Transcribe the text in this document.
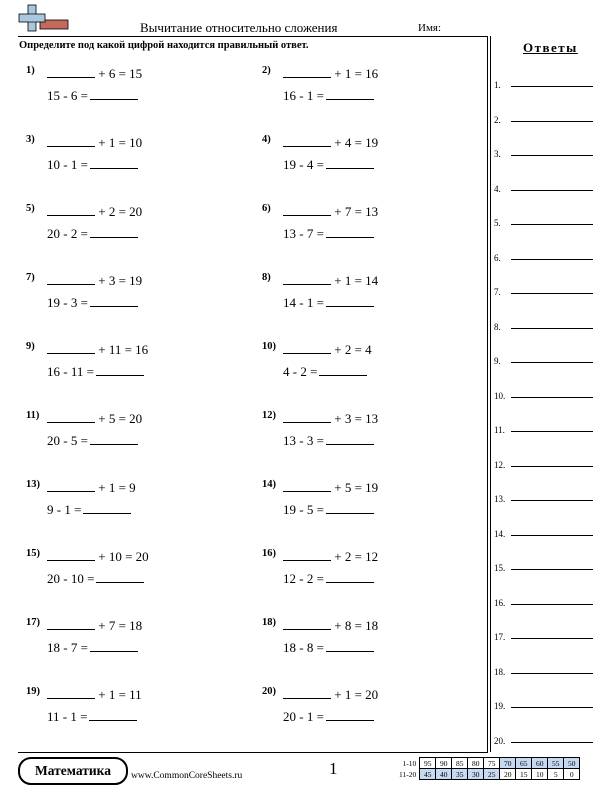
Вычитание относительно сложения	Имя:
Определите под какой цифрой находится правильный ответ.
1)	+ 6 = 15
15 - 6 =
2)	+ 1 = 16
16 - 1 =
3)	+ 1 = 10
10 - 1 =
4)	+ 4 = 19
19 - 4 =
5)	+ 2 = 20
20 - 2 =
6)	+ 7 = 13
13 - 7 =
7)	+ 3 = 19
19 - 3 =
8)	+ 1 = 14
14 - 1 =
9)	+ 11 = 16
16 - 11 =
10)	+ 2 = 4
4 - 2 =
11)	+ 5 = 20
20 - 5 =
12)	+ 3 = 13
13 - 3 =
13)	+ 1 = 9
9 - 1 =
14)	+ 5 = 19
19 - 5 =
15)	+ 10 = 20
20 - 10 =
16)	+ 2 = 12
12 - 2 =
17)	+ 7 = 18
18 - 7 =
18)	+ 8 = 18
18 - 8 =
19)	+ 1 = 11
11 - 1 =
20)	+ 1 = 20
20 - 1 =
Ответы
1.
2.
3.
4.
5.
6.
7.
8.
9.
10.
11.
12.
13.
14.
15.
16.
17.
18.
19.
20.
Математика	www.CommonCoreSheets.ru	1	1-10	95	90	85	80	75	70	65	60	55	50
11-20	45	40	35	30	25	20	15	10	5	0
